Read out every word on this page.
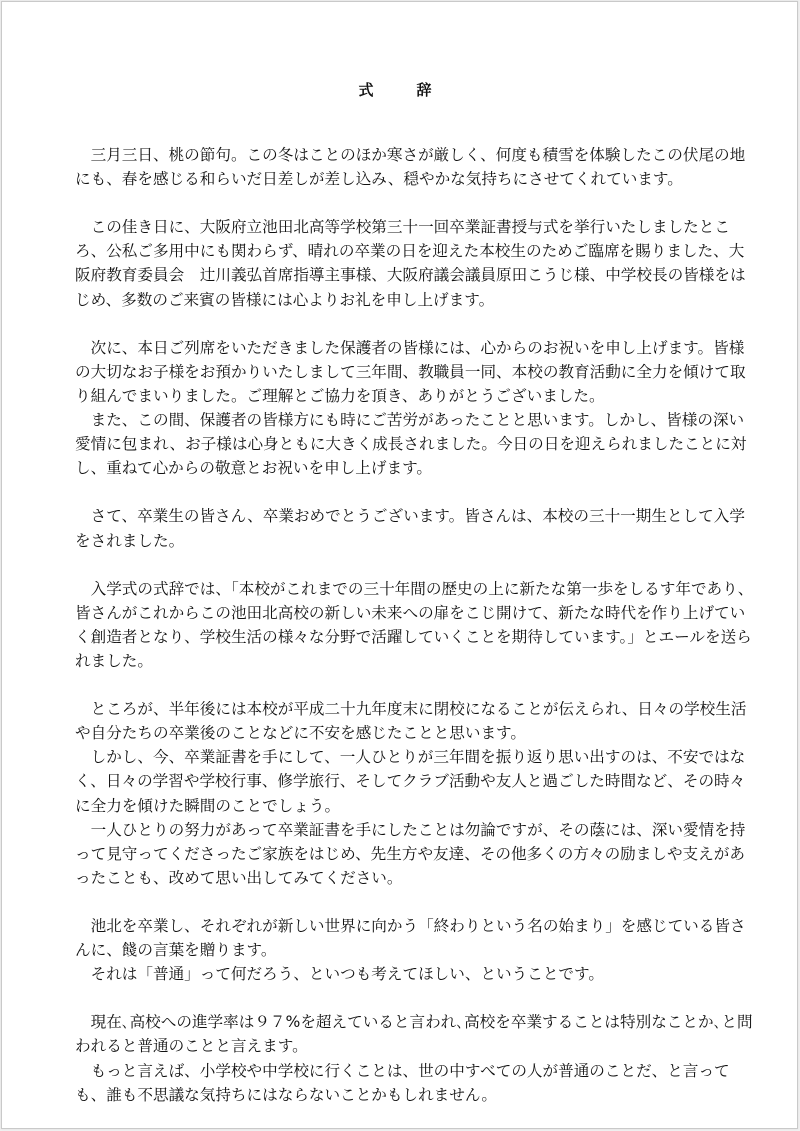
式　辞

三月三日、桃の節句。この冬はことのほか寒さが厳しく、何度も積雪を体験したこの伏尾の地にも、春を感じる和らいだ日差しが差し込み、穏やかな気持ちにさせてくれています。

この佳き日に、大阪府立池田北高等学校第三十一回卒業証書授与式を挙行いたしましたところ、公私ご多用中にも関わらず、晴れの卒業の日を迎えた本校生のためご臨席を賜りました、大阪府教育委員会　辻川義弘首席指導主事様、大阪府議会議員原田こうじ様、中学校長の皆様をはじめ、多数のご来賓の皆様には心よりお礼を申し上げます。

次に、本日ご列席をいただきました保護者の皆様には、心からのお祝いを申し上げます。皆様の大切なお子様をお預かりいたしまして三年間、教職員一同、本校の教育活動に全力を傾けて取り組んでまいりました。ご理解とご協力を頂き、ありがとうございました。

また、この間、保護者の皆様方にも時にご苦労があったことと思います。しかし、皆様の深い愛情に包まれ、お子様は心身ともに大きく成長されました。今日の日を迎えられましたことに対し、重ねて心からの敬意とお祝いを申し上げます。

さて、卒業生の皆さん、卒業おめでとうございます。皆さんは、本校の三十一期生として入学をされました。

入学式の式辞では、「本校がこれまでの三十年間の歴史の上に新たな第一歩をしるす年であり、皆さんがこれからこの池田北高校の新しい未来への扉をこじ開けて、新たな時代を作り上げていく創造者となり、学校生活の様々な分野で活躍していくことを期待しています。」とエールを送られました。

ところが、半年後には本校が平成二十九年度末に閉校になることが伝えられ、日々の学校生活や自分たちの卒業後のことなどに不安を感じたことと思います。

しかし、今、卒業証書を手にして、一人ひとりが三年間を振り返り思い出すのは、不安ではなく、日々の学習や学校行事、修学旅行、そしてクラブ活動や友人と過ごした時間など、その時々に全力を傾けた瞬間のことでしょう。

一人ひとりの努力があって卒業証書を手にしたことは勿論ですが、その蔭には、深い愛情を持って見守ってくださったご家族をはじめ、先生方や友達、その他多くの方々の励ましや支えがあったことも、改めて思い出してみてください。

池北を卒業し、それぞれが新しい世界に向かう「終わりという名の始まり」を感じている皆さんに、餞の言葉を贈ります。

それは「普通」って何だろう、といつも考えてほしい、ということです。

現在､高校への進学率は９７%を超えていると言われ､高校を卒業することは特別なことか､と問われると普通のことと言えます。

もっと言えば、小学校や中学校に行くことは、世の中すべての人が普通のことだ、と言っても、誰も不思議な気持ちにはならないことかもしれません。
